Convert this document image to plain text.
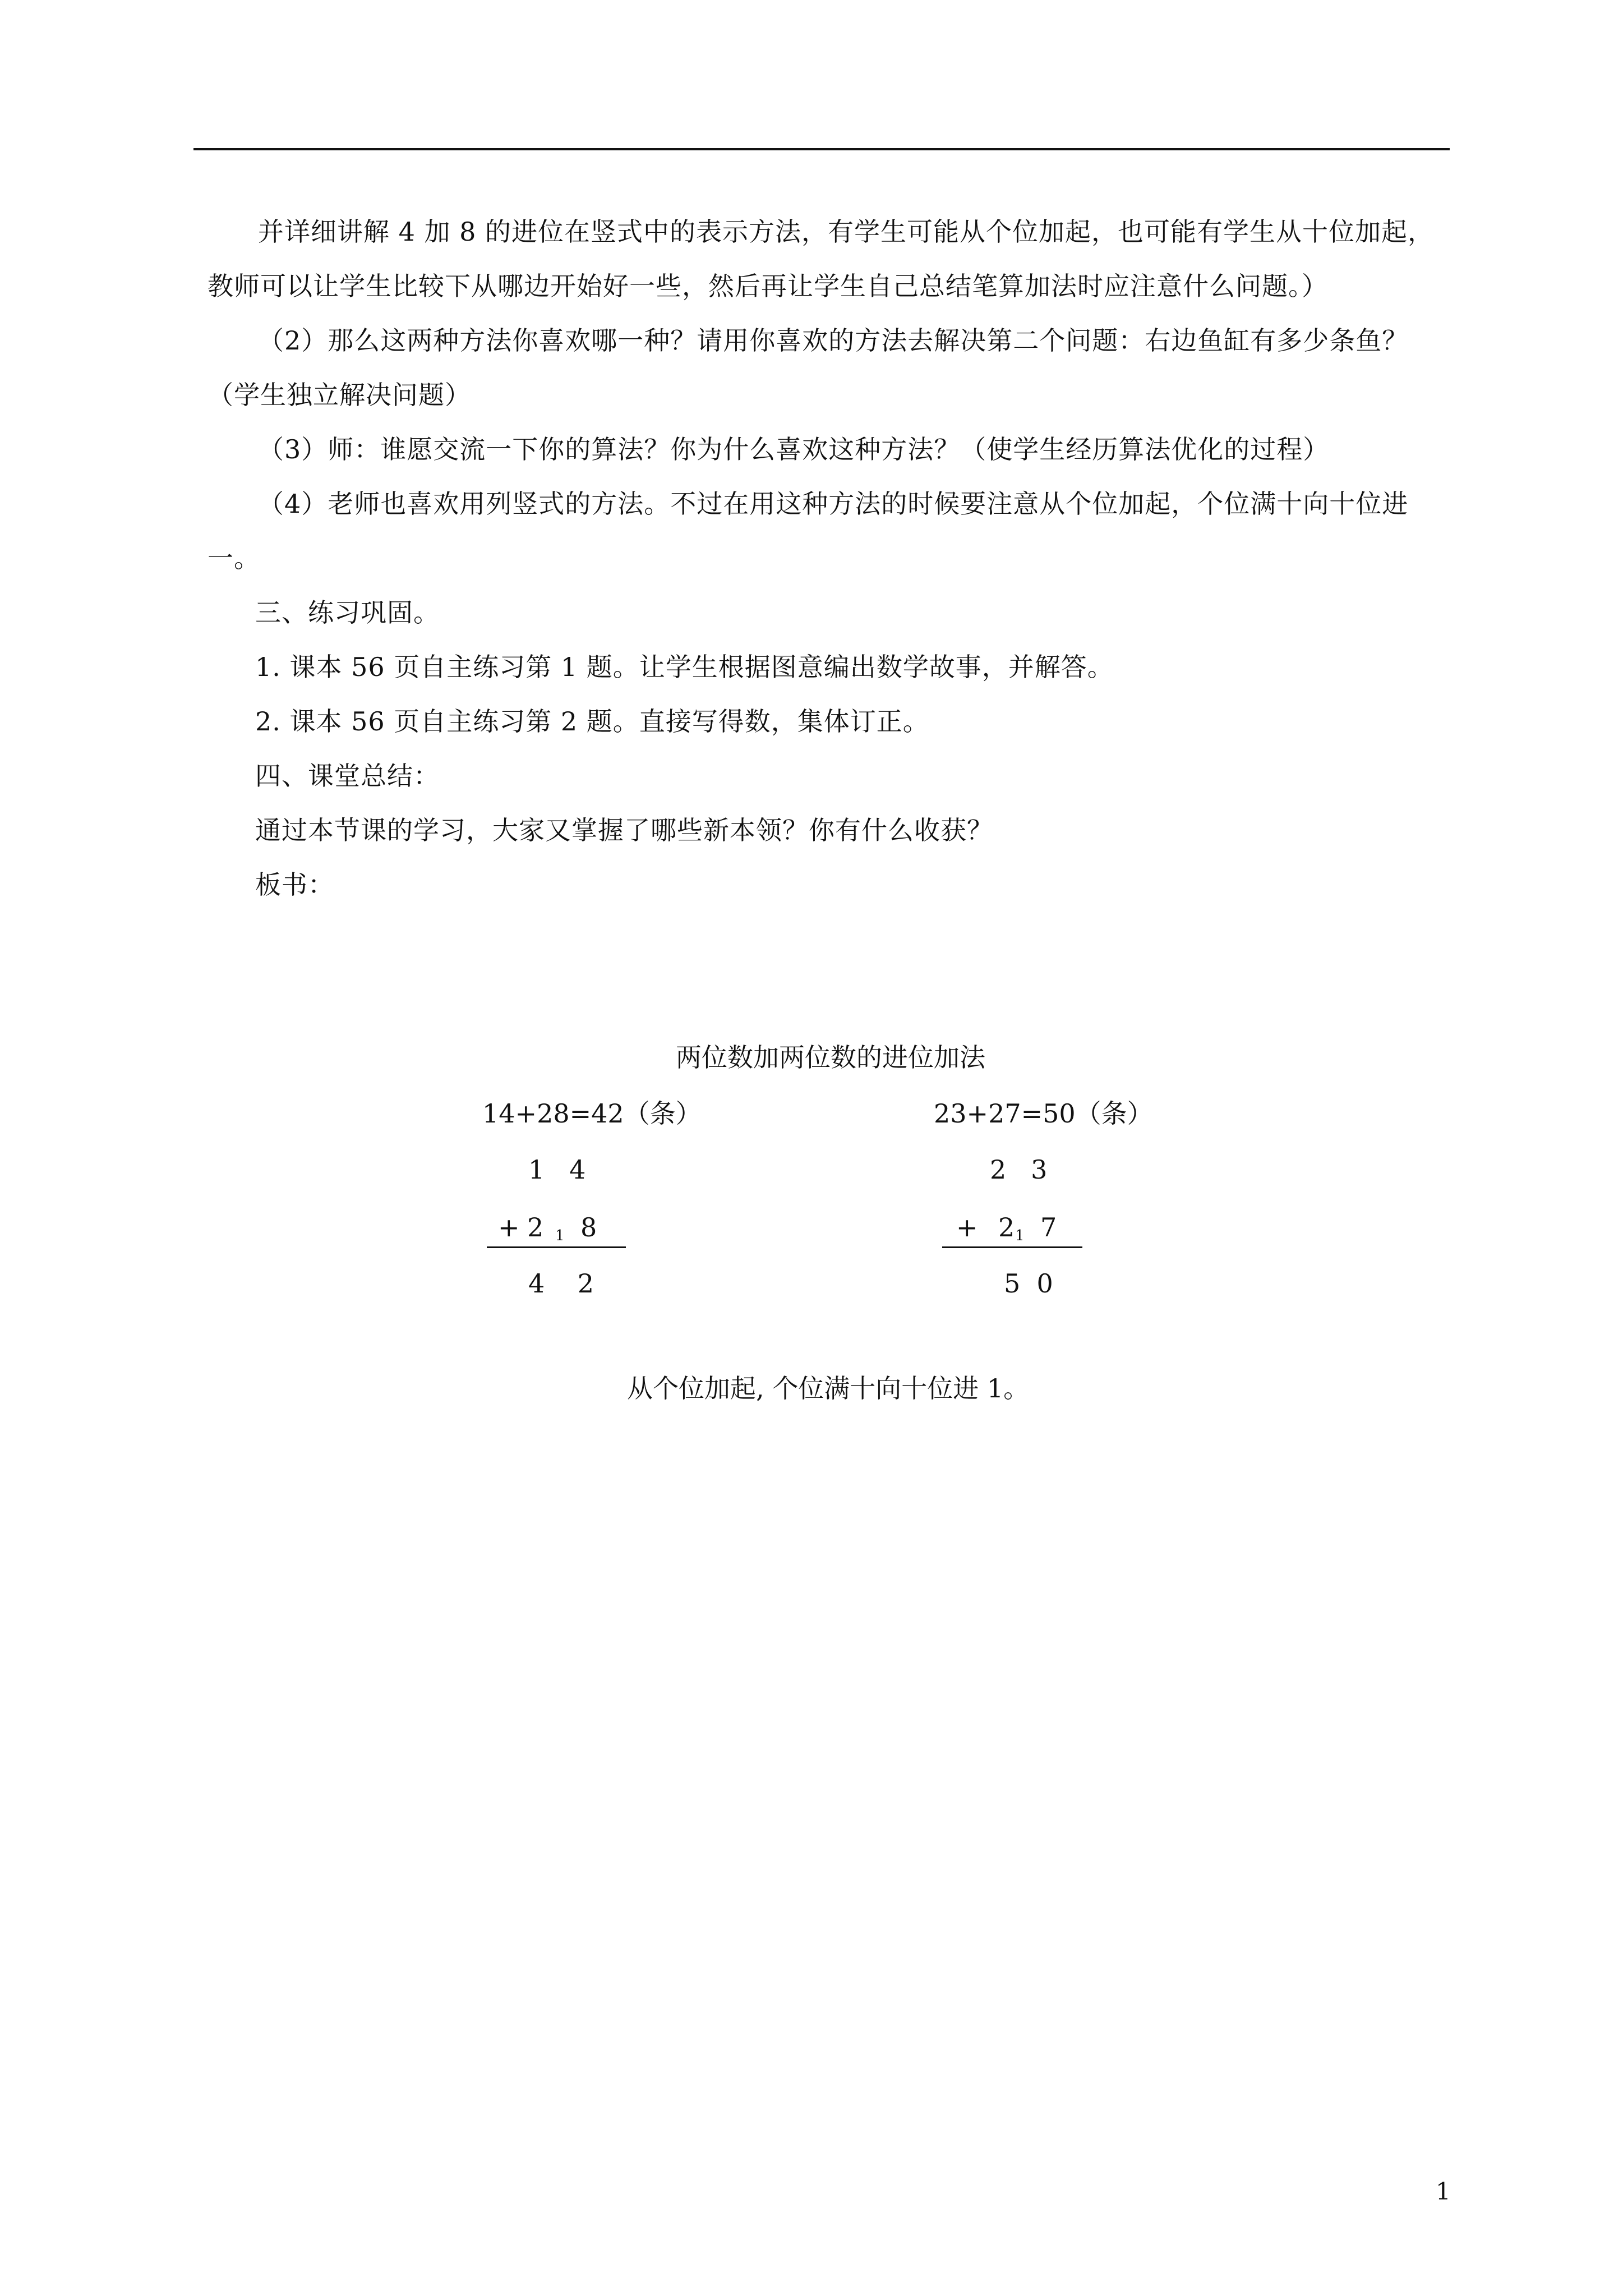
并详细讲解 4 加 8 的进位在竖式中的表示方法，有学生可能从个位加起，也可能有学生从十位加起，教师可以让学生比较下从哪边开始好一些，然后再让学生自己总结笔算加法时应注意什么问题。）

（2）那么这两种方法你喜欢哪一种？请用你喜欢的方法去解决第二个问题：右边鱼缸有多少条鱼？（学生独立解决问题）

（3）师：谁愿交流一下你的算法？你为什么喜欢这种方法？（使学生经历算法优化的过程）

（4）老师也喜欢用列竖式的方法。不过在用这种方法的时候要注意从个位加起，个位满十向十位进一。

三、练习巩固。

1. 课本 56 页自主练习第 1 题。让学生根据图意编出数学故事，并解答。

2. 课本 56 页自主练习第 2 题。直接写得数，集体订正。

四、课堂总结：

通过本节课的学习，大家又掌握了哪些新本领？你有什么收获？

板书：

两位数加两位数的进位加法
14+28=42（条）
1   4
+ 2 1 8
4    2
23+27=50（条）
2   3
+ 2 1 7
5  0
从个位加起, 个位满十向十位进 1。
1
